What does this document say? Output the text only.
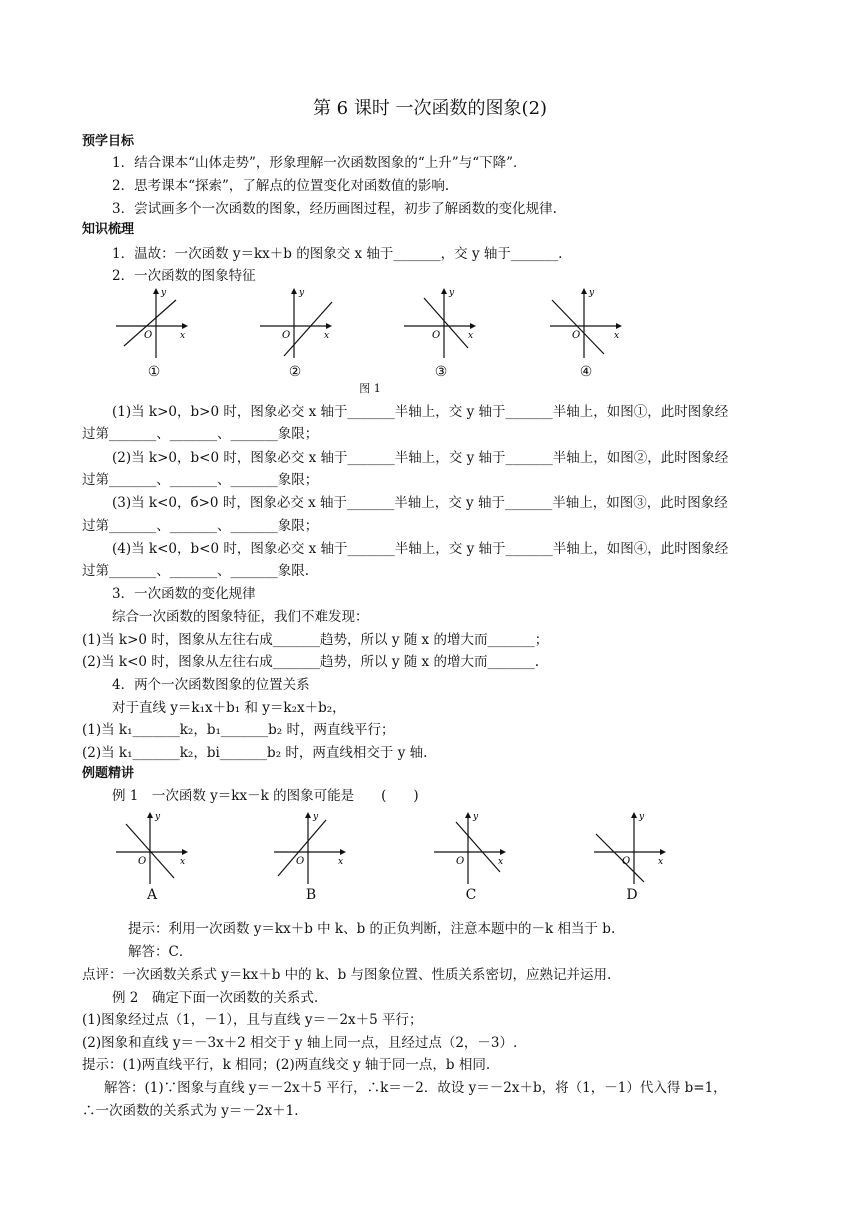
第 6 课时 一次函数的图象(2)
预学目标
1．结合课本“山体走势”，形象理解一次函数图象的“上升”与“下降”．
2．思考课本“探索”，了解点的位置变化对函数值的影响.
3．尝试画多个一次函数的图象，经历画图过程，初步了解函数的变化规律.
知识梳理
1．温故：一次函数 y＝kx＋b 的图象交 x 轴于_______，交 y 轴于_______.
2．一次函数的图象特征
y
x
O
①
y
x
O
②
y
x
O
③
y
x
O
④
图 1
(1)当 k>0，b>0 时，图象必交 x 轴于_______半轴上，交 y 轴于_______半轴上，如图①，此时图象经
过第_______、_______、_______象限；
(2)当 k>0，b<0 时，图象必交 x 轴于_______半轴上，交 y 轴于_______半轴上，如图②，此时图象经
过第_______、_______、_______象限；
(3)当 k<0，б>0 时，图象必交 x 轴于_______半轴上，交 y 轴于_______半轴上，如图③，此时图象经
过第_______、_______、_______象限；
(4)当 k<0，b<0 时，图象必交 x 轴于_______半轴上，交 y 轴于_______半轴上，如图④，此时图象经
过第_______、_______、_______象限.
3．一次函数的变化规律
综合一次函数的图象特征，我们不难发现：
(1)当 k>0 时，图象从左往右成_______趋势，所以 y 随 x 的增大而_______；
(2)当 k<0 时，图象从左往右成_______趋势，所以 y 随 x 的增大而_______.
4．两个一次函数图象的位置关系
对于直线 y＝k₁x＋b₁ 和 y＝k₂x＋b₂，
(1)当 k₁_______k₂，b₁_______b₂ 时，两直线平行；
(2)当 k₁_______k₂，bi_______b₂ 时，两直线相交于 y 轴.
例题精讲
例 1　一次函数 y＝kx－k 的图象可能是　　(　　)
y
x
O
A
y
x
O
B
y
x
O
C
y
x
O
D
提示：利用一次函数 y＝kx＋b 中 k、b 的正负判断，注意本题中的－k 相当于 b.
解答：C．
点评：一次函数关系式 y＝kx＋b 中的 k、b 与图象位置、性质关系密切，应熟记并运用.
例 2　确定下面一次函数的关系式.
(1)图象经过点（1，－1），且与直线 y＝－2x＋5 平行；
(2)图象和直线 y＝－3x＋2 相交于 y 轴上同一点，且经过点（2，－3）.
提示：(1)两直线平行，k 相同；(2)两直线交 y 轴于同一点，b 相同.
解答：(1)∵图象与直线 y＝－2x＋5 平行，∴k＝－2．故设 y＝－2x＋b，将（1，－1）代入得 b=1，
∴一次函数的关系式为 y＝－2x＋1.
